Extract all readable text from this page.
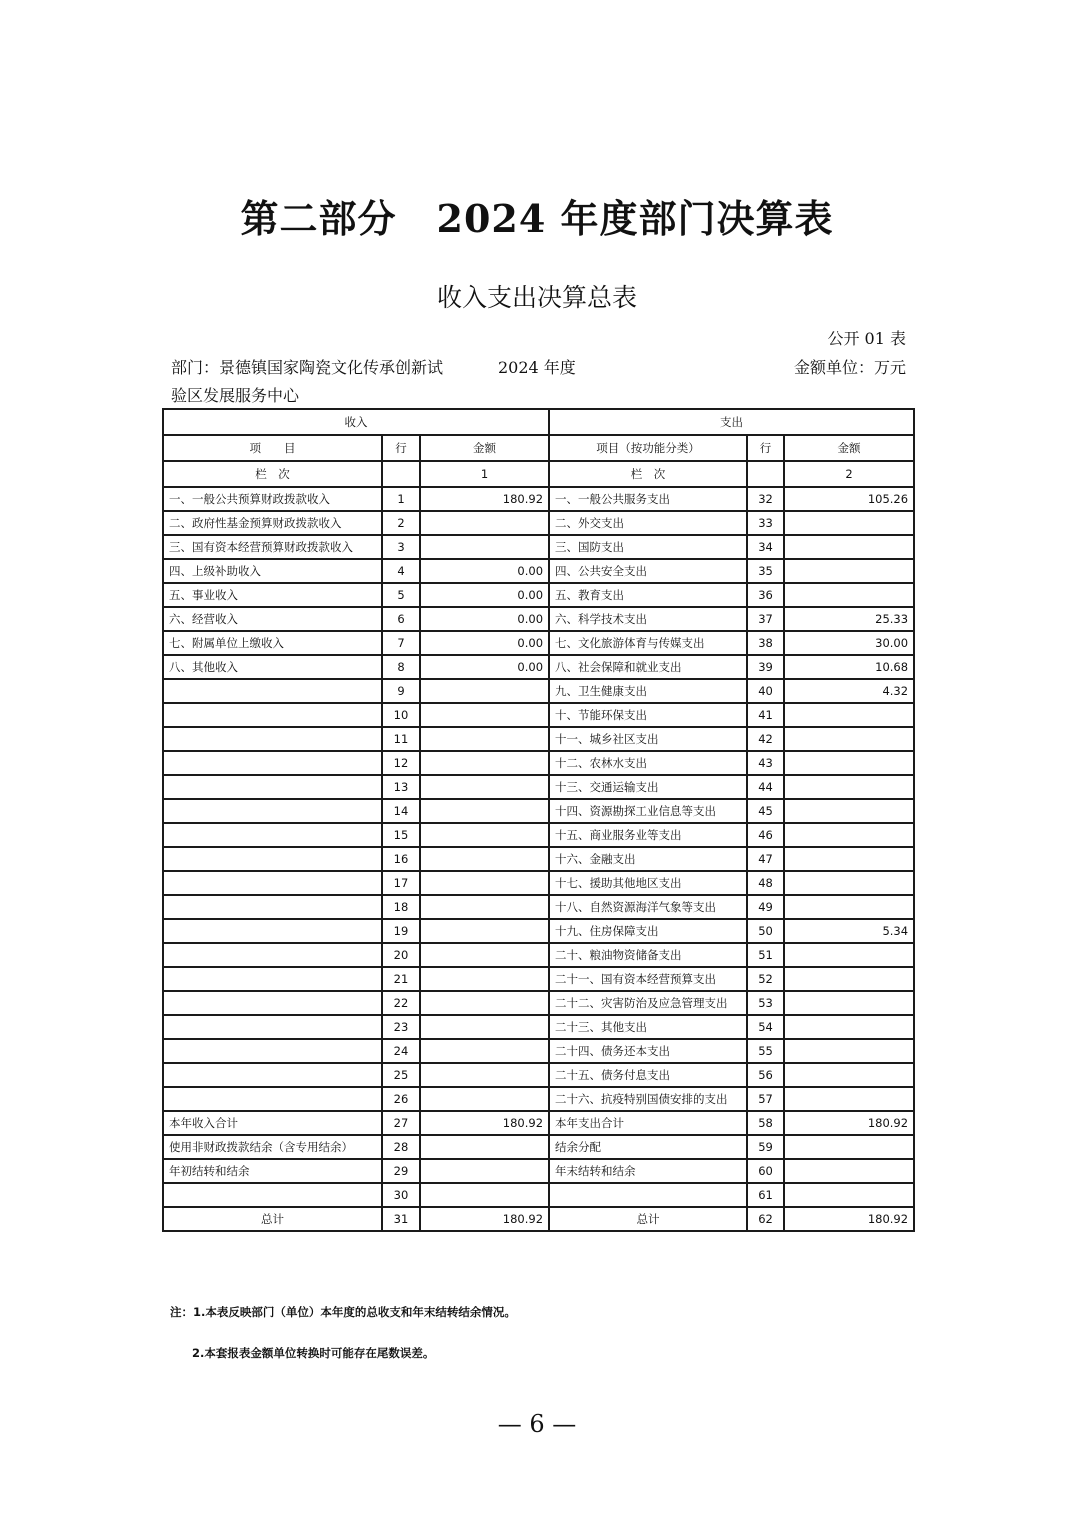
第二部分 2024 年度部门决算表
收入支出决算总表
公开 01 表
部门：景德镇国家陶瓷文化传承创新试验区发展服务中心
2024 年度	金额单位：万元
收入			支出		
项　　目	行	金额	项目（按功能分类）	行	金额
栏　次		1	栏　次		2
一、一般公共预算财政拨款收入	1	180.92	一、一般公共服务支出	32	105.26
二、政府性基金预算财政拨款收入	2		二、外交支出	33	
三、国有资本经营预算财政拨款收入	3		三、国防支出	34	
四、上级补助收入	4	0.00	四、公共安全支出	35	
五、事业收入	5	0.00	五、教育支出	36	
六、经营收入	6	0.00	六、科学技术支出	37	25.33
七、附属单位上缴收入	7	0.00	七、文化旅游体育与传媒支出	38	30.00
八、其他收入	8	0.00	八、社会保障和就业支出	39	10.68
	9		九、卫生健康支出	40	4.32
	10		十、节能环保支出	41	
	11		十一、城乡社区支出	42	
	12		十二、农林水支出	43	
	13		十三、交通运输支出	44	
	14		十四、资源勘探工业信息等支出	45	
	15		十五、商业服务业等支出	46	
	16		十六、金融支出	47	
	17		十七、援助其他地区支出	48	
	18		十八、自然资源海洋气象等支出	49	
	19		十九、住房保障支出	50	5.34
	20		二十、粮油物资储备支出	51	
	21		二十一、国有资本经营预算支出	52	
	22		二十二、灾害防治及应急管理支出	53	
	23		二十三、其他支出	54	
	24		二十四、债务还本支出	55	
	25		二十五、债务付息支出	56	
	26		二十六、抗疫特别国债安排的支出	57	
本年收入合计	27	180.92	本年支出合计	58	180.92
使用非财政拨款结余（含专用结余）	28		结余分配	59	
年初结转和结余	29		年末结转和结余	60	
	30			61	
总计	31	180.92	总计	62	180.92
注：1.本表反映部门（单位）本年度的总收支和年末结转结余情况。
2.本套报表金额单位转换时可能存在尾数误差。
— 6 —
